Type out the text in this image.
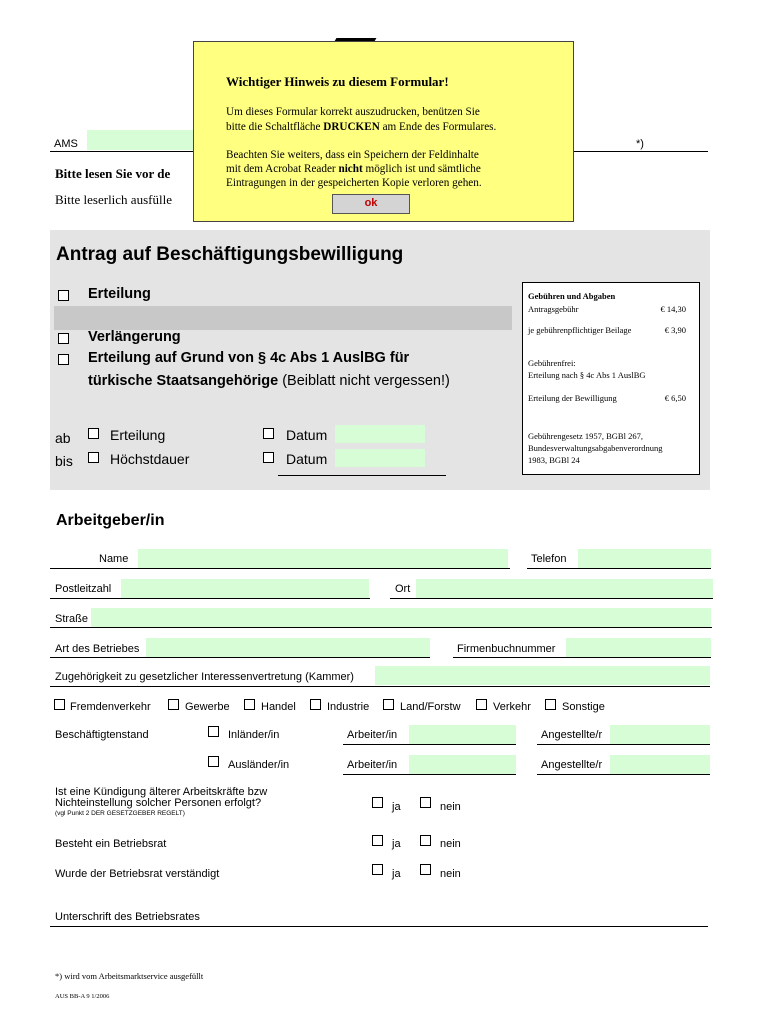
AMS	*)
Bitte lesen Sie vor de
Bitte leserlich ausfülle
Wichtiger Hinweis zu diesem Formular!
Um dieses Formular korrekt auszudrucken, benützen Sie
bitte die Schaltfläche DRUCKEN am Ende des Formulares.
Beachten Sie weiters, dass ein Speichern der Feldinhalte
mit dem Acrobat Reader nicht möglich ist und sämtliche
Eintragungen in der gespeicherten Kopie verloren gehen.
ok
Antrag auf Beschäftigungsbewilligung
Erteilung
Verlängerung
Erteilung auf Grund von § 4c Abs 1 AuslBG für
türkische Staatsangehörige (Beiblatt nicht vergessen!)
ab	Erteilung	Datum
bis	Höchstdauer	Datum
Gebühren und Abgaben
Antragsgebühr	€ 14,30
je gebührenpflichtiger Beilage	€ 3,90
Gebührenfrei:
Erteilung nach § 4c Abs 1 AuslBG
Erteilung der Bewilligung	€ 6,50
Gebührengesetz 1957, BGBl 267,
Bundesverwaltungsabgabenverordnung
1983, BGBl 24
Arbeitgeber/in
Name	Telefon
Postleitzahl	Ort
Straße
Art des Betriebes	Firmenbuchnummer
Zugehörigkeit zu gesetzlicher Interessenvertretung (Kammer)
Fremdenverkehr	Gewerbe	Handel	Industrie	Land/Forstw	Verkehr	Sonstige
Beschäftigtenstand	Inländer/in	Arbeiter/in	Angestellte/r
Ausländer/in	Arbeiter/in	Angestellte/r
Ist eine Kündigung älterer Arbeitskräfte bzw
Nichteinstellung solcher Personen erfolgt?
(vgl Punkt 2 DER GESETZGEBER REGELT)
ja	nein
Besteht ein Betriebsrat	ja	nein
Wurde der Betriebsrat verständigt	ja	nein
Unterschrift des Betriebsrates
*) wird vom Arbeitsmarktservice ausgefüllt
AUS BB-A 9 1/2006
